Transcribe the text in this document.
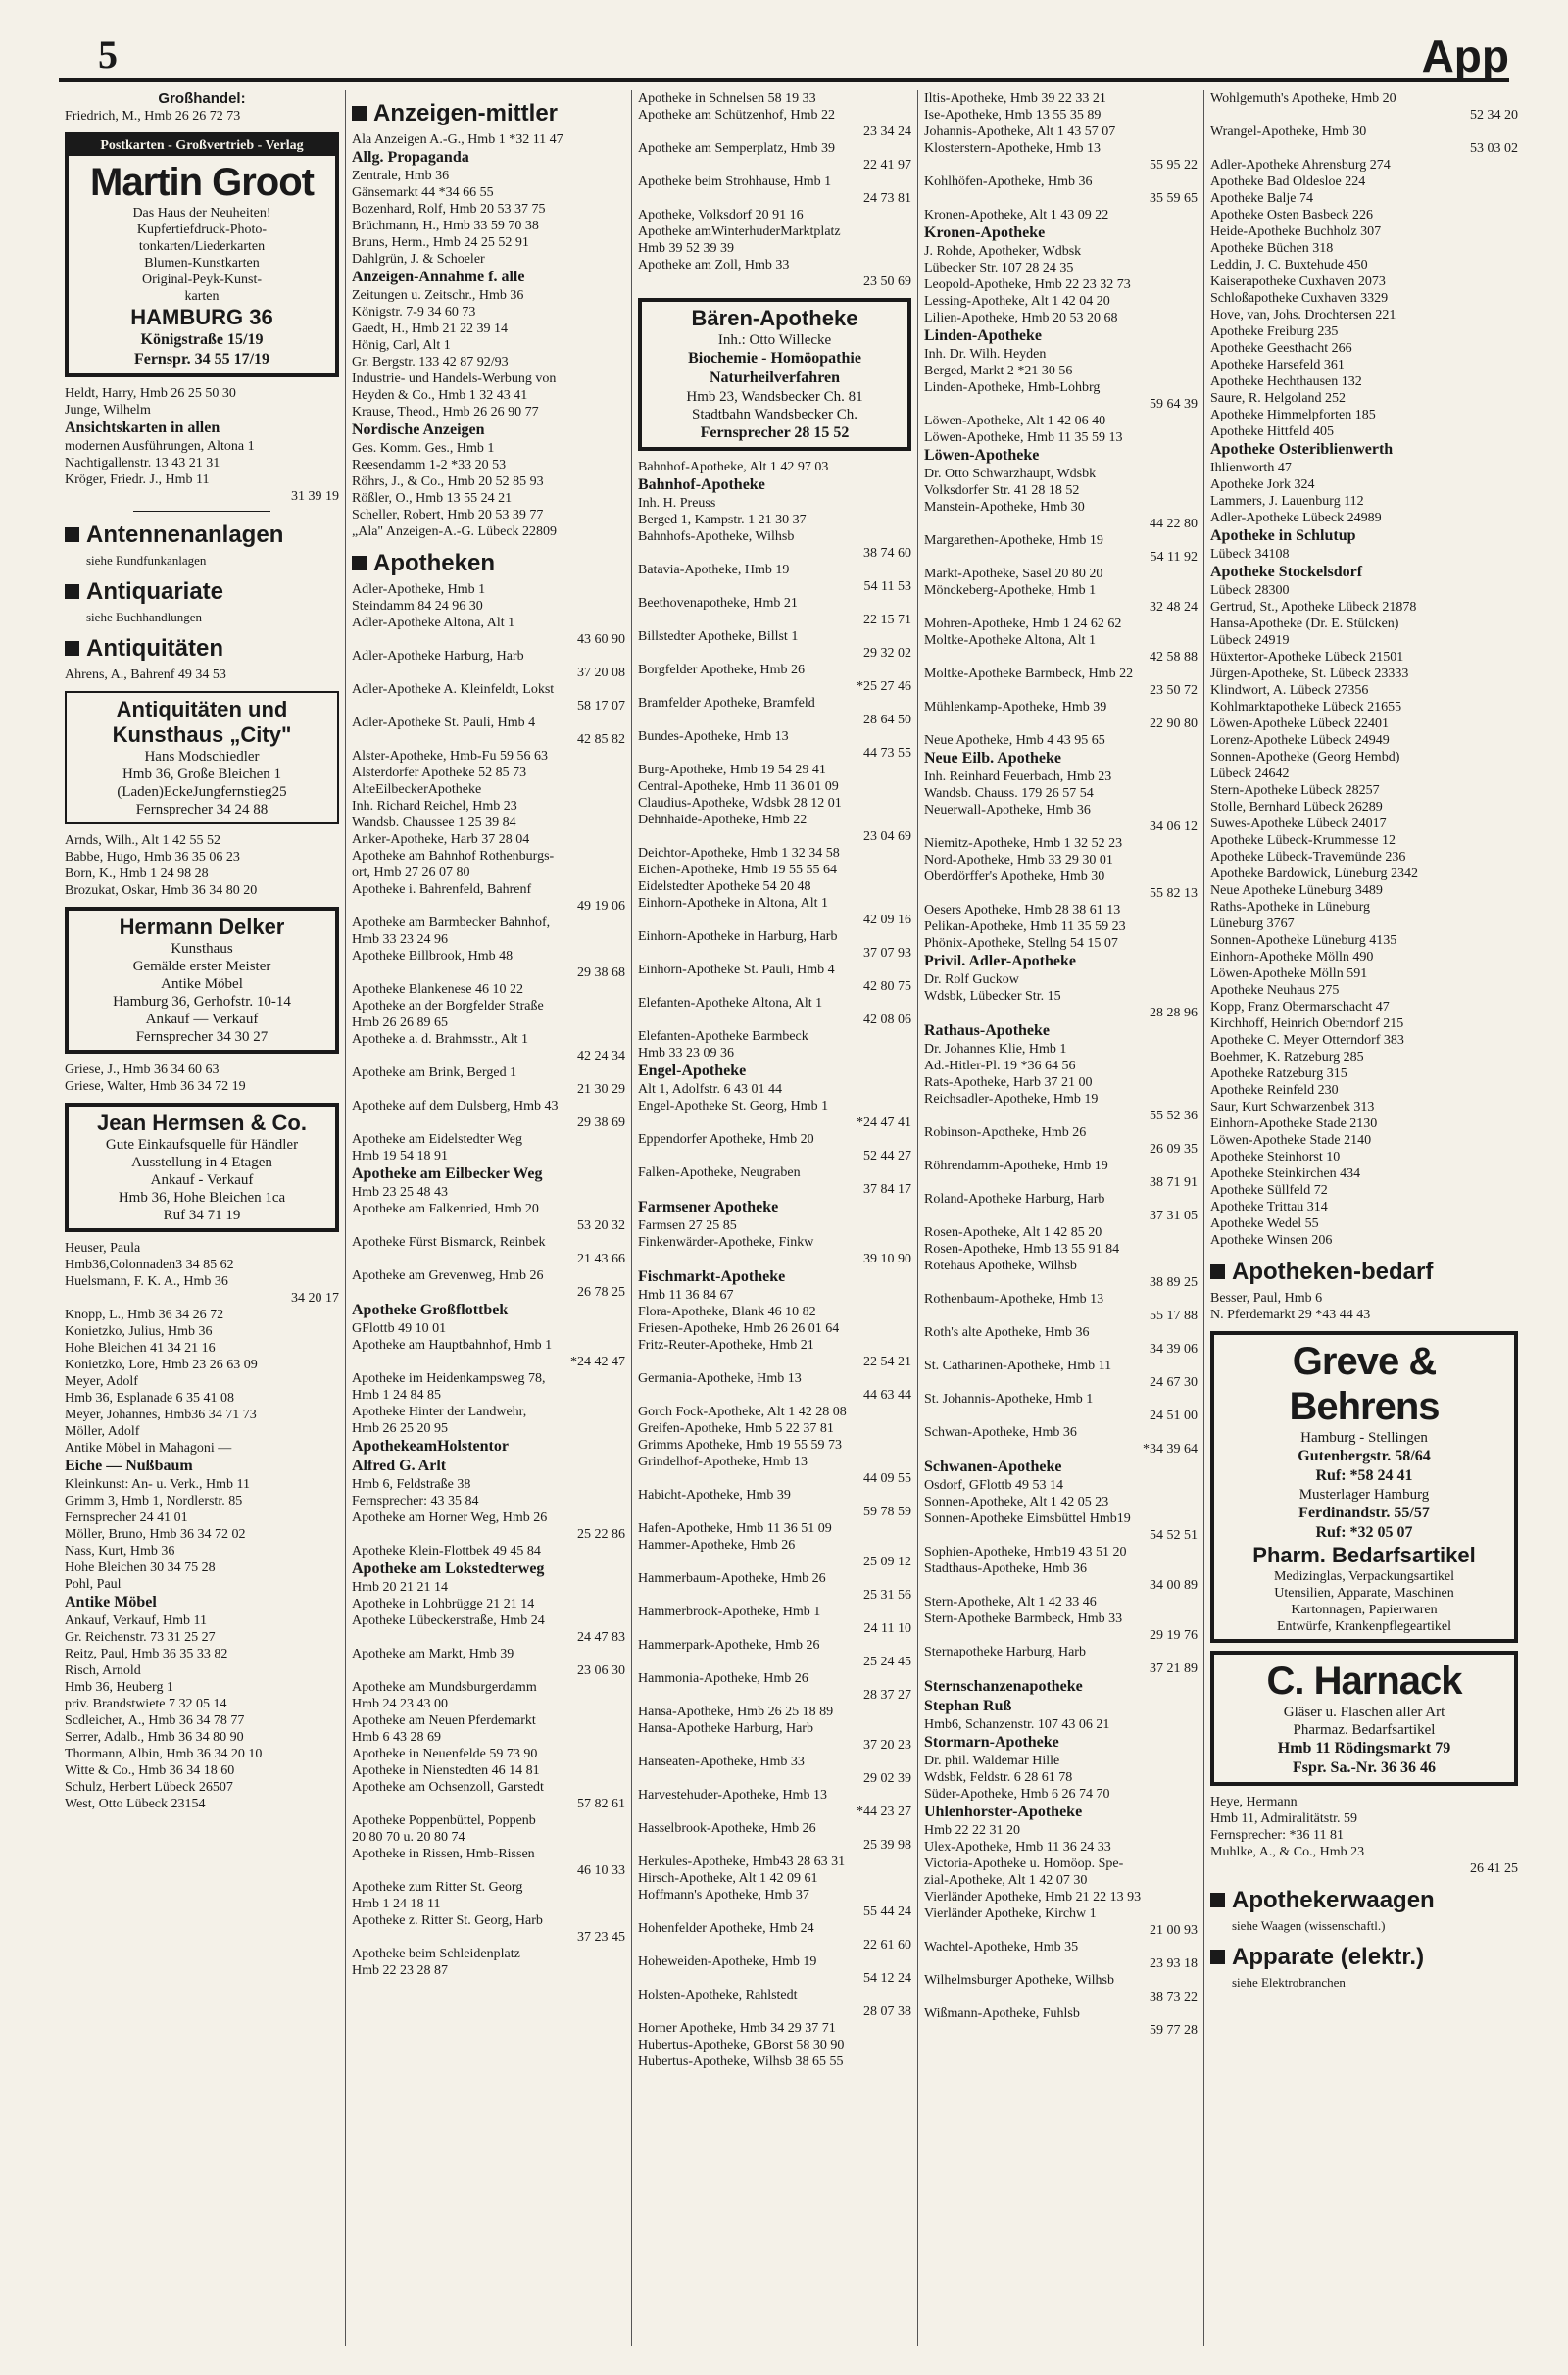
5	App
Großhandel:
Friedrich, M., Hmb 26 26 72 73
Postkarten - Großvertrieb - Verlag
Martin Groot
Das Haus der Neuheiten!
Kupfertiefdruck-Photo-
tonkarten/Liederkarten
Blumen-Kunstkarten
Original-Peyk-Kunst-
karten
HAMBURG 36
Königstraße 15/19
Fernspr. 34 55 17/19
Heldt, Harry, Hmb 26 25 50 30
Junge, Wilhelm
Ansichtskarten in allen
modernen Ausführungen, Altona 1
Nachtigallenstr. 13 43 21 31
Kröger, Friedr. J., Hmb 11
31 39 19
Antennenanlagen
siehe Rundfunkanlagen
Antiquariate
siehe Buchhandlungen
Antiquitäten
Ahrens, A., Bahrenf 49 34 53
Antiquitäten und
Kunsthaus „City"
Hans Modschiedler
Hmb 36, Große Bleichen 1
(Laden)EckeJungfernstieg25
Fernsprecher 34 24 88
Arnds, Wilh., Alt 1 42 55 52
Babbe, Hugo, Hmb 36 35 06 23
Born, K., Hmb 1 24 98 28
Brozukat, Oskar, Hmb 36 34 80 20
Hermann Delker
Kunsthaus
Gemälde erster Meister
Antike Möbel
Hamburg 36, Gerhofstr. 10-14
Ankauf — Verkauf
Fernsprecher 34 30 27
Griese, J., Hmb 36 34 60 63
Griese, Walter, Hmb 36 34 72 19
Jean Hermsen & Co.
Gute Einkaufsquelle für Händler
Ausstellung in 4 Etagen
Ankauf - Verkauf
Hmb 36, Hohe Bleichen 1ca
Ruf 34 71 19
Heuser, Paula
Hmb36,Colonnaden3 34 85 62
Huelsmann, F. K. A., Hmb 36
34 20 17
Knopp, L., Hmb 36 34 26 72
Konietzko, Julius, Hmb 36
Hohe Bleichen 41 34 21 16
Konietzko, Lore, Hmb 23 26 63 09
Meyer, Adolf
Hmb 36, Esplanade 6 35 41 08
Meyer, Johannes, Hmb36 34 71 73
Möller, Adolf
Antike Möbel in Mahagoni —
Eiche — Nußbaum
Kleinkunst: An- u. Verk., Hmb 11
Grimm 3, Hmb 1, Nordlerstr. 85
Fernsprecher 24 41 01
Möller, Bruno, Hmb 36 34 72 02
Nass, Kurt, Hmb 36
Hohe Bleichen 30 34 75 28
Pohl, Paul
Antike Möbel
Ankauf, Verkauf, Hmb 11
Gr. Reichenstr. 73 31 25 27
Reitz, Paul, Hmb 36 35 33 82
Risch, Arnold
Hmb 36, Heuberg 1
priv. Brandstwiete 7 32 05 14
Scdleicher, A., Hmb 36 34 78 77
Serrer, Adalb., Hmb 36 34 80 90
Thormann, Albin, Hmb 36 34 20 10
Witte & Co., Hmb 36 34 18 60
Schulz, Herbert Lübeck 26507
West, Otto Lübeck 23154
Anzeigen-mittler
Ala Anzeigen A.-G., Hmb 1 *32 11 47
Allg. Propaganda
Zentrale, Hmb 36
Gänsemarkt 44 *34 66 55
Bozenhard, Rolf, Hmb 20 53 37 75
Brüchmann, H., Hmb 33 59 70 38
Bruns, Herm., Hmb 24 25 52 91
Dahlgrün, J. & Schoeler
Anzeigen-Annahme f. alle
Zeitungen u. Zeitschr., Hmb 36
Königstr. 7-9 34 60 73
Gaedt, H., Hmb 21 22 39 14
Hönig, Carl, Alt 1
Gr. Bergstr. 133 42 87 92/93
Industrie- und Handels-Werbung von
Heyden & Co., Hmb 1 32 43 41
Krause, Theod., Hmb 26 26 90 77
Nordische Anzeigen
Ges. Komm. Ges., Hmb 1
Reesendamm 1-2 *33 20 53
Röhrs, J., & Co., Hmb 20 52 85 93
Rößler, O., Hmb 13 55 24 21
Scheller, Robert, Hmb 20 53 39 77
„Ala" Anzeigen-A.-G. Lübeck 22809
Apotheken
Adler-Apotheke, Hmb 1
Steindamm 84 24 96 30
Adler-Apotheke Altona, Alt 1
43 60 90
Adler-Apotheke Harburg, Harb
37 20 08
Adler-Apotheke A. Kleinfeldt, Lokst
58 17 07
Adler-Apotheke St. Pauli, Hmb 4
42 85 82
Alster-Apotheke, Hmb-Fu 59 56 63
Alsterdorfer Apotheke 52 85 73
AlteEilbeckerApotheke
Inh. Richard Reichel, Hmb 23
Wandsb. Chaussee 1 25 39 84
Anker-Apotheke, Harb 37 28 04
Apotheke am Bahnhof Rothenburgs-
ort, Hmb 27 26 07 80
Apotheke i. Bahrenfeld, Bahrenf
49 19 06
Apotheke am Barmbecker Bahnhof,
Hmb 33 23 24 96
Apotheke Billbrook, Hmb 48
29 38 68
Apotheke Blankenese 46 10 22
Apotheke an der Borgfelder Straße
Hmb 26 26 89 65
Apotheke a. d. Brahmsstr., Alt 1
42 24 34
Apotheke am Brink, Berged 1
21 30 29
Apotheke auf dem Dulsberg, Hmb 43
29 38 69
Apotheke am Eidelstedter Weg
Hmb 19 54 18 91
Apotheke am Eilbecker Weg
Hmb 23 25 48 43
Apotheke am Falkenried, Hmb 20
53 20 32
Apotheke Fürst Bismarck, Reinbek
21 43 66
Apotheke am Grevenweg, Hmb 26
26 78 25
Apotheke Großflottbek
GFlottb 49 10 01
Apotheke am Hauptbahnhof, Hmb 1
*24 42 47
Apotheke im Heidenkampsweg 78,
Hmb 1 24 84 85
Apotheke Hinter der Landwehr,
Hmb 26 25 20 95
ApothekeamHolstentor
Alfred G. Arlt
Hmb 6, Feldstraße 38
Fernsprecher: 43 35 84
Apotheke am Horner Weg, Hmb 26
25 22 86
Apotheke Klein-Flottbek 49 45 84
Apotheke am Lokstedterweg
Hmb 20 21 21 14
Apotheke in Lohbrügge 21 21 14
Apotheke Lübeckerstraße, Hmb 24
24 47 83
Apotheke am Markt, Hmb 39
23 06 30
Apotheke am Mundsburgerdamm
Hmb 24 23 43 00
Apotheke am Neuen Pferdemarkt
Hmb 6 43 28 69
Apotheke in Neuenfelde 59 73 90
Apotheke in Nienstedten 46 14 81
Apotheke am Ochsenzoll, Garstedt
57 82 61
Apotheke Poppenbüttel, Poppenb
20 80 70 u. 20 80 74
Apotheke in Rissen, Hmb-Rissen
46 10 33
Apotheke zum Ritter St. Georg
Hmb 1 24 18 11
Apotheke z. Ritter St. Georg, Harb
37 23 45
Apotheke beim Schleidenplatz
Hmb 22 23 28 87
Apotheke in Schnelsen 58 19 33
Apotheke am Schützenhof, Hmb 22
23 34 24
Apotheke am Semperplatz, Hmb 39
22 41 97
Apotheke beim Strohhause, Hmb 1
24 73 81
Apotheke, Volksdorf 20 91 16
Apotheke amWinterhuderMarktplatz
Hmb 39 52 39 39
Apotheke am Zoll, Hmb 33
23 50 69
Bären-Apotheke
Inh.: Otto Willecke
Biochemie - Homöopathie
Naturheilverfahren
Hmb 23, Wandsbecker Ch. 81
Stadtbahn Wandsbecker Ch.
Fernsprecher 28 15 52
Bahnhof-Apotheke, Alt 1 42 97 03
Bahnhof-Apotheke
Inh. H. Preuss
Berged 1, Kampstr. 1 21 30 37
Bahnhofs-Apotheke, Wilhsb
38 74 60
Batavia-Apotheke, Hmb 19
54 11 53
Beethovenapotheke, Hmb 21
22 15 71
Billstedter Apotheke, Billst 1
29 32 02
Borgfelder Apotheke, Hmb 26
*25 27 46
Bramfelder Apotheke, Bramfeld
28 64 50
Bundes-Apotheke, Hmb 13
44 73 55
Burg-Apotheke, Hmb 19 54 29 41
Central-Apotheke, Hmb 11 36 01 09
Claudius-Apotheke, Wdsbk 28 12 01
Dehnhaide-Apotheke, Hmb 22
23 04 69
Deichtor-Apotheke, Hmb 1 32 34 58
Eichen-Apotheke, Hmb 19 55 55 64
Eidelstedter Apotheke 54 20 48
Einhorn-Apotheke in Altona, Alt 1
42 09 16
Einhorn-Apotheke in Harburg, Harb
37 07 93
Einhorn-Apotheke St. Pauli, Hmb 4
42 80 75
Elefanten-Apotheke Altona, Alt 1
42 08 06
Elefanten-Apotheke Barmbeck
Hmb 33 23 09 36
Engel-Apotheke
Alt 1, Adolfstr. 6 43 01 44
Engel-Apotheke St. Georg, Hmb 1
*24 47 41
Eppendorfer Apotheke, Hmb 20
52 44 27
Falken-Apotheke, Neugraben
37 84 17
Farmsener Apotheke
Farmsen 27 25 85
Finkenwärder-Apotheke, Finkw
39 10 90
Fischmarkt-Apotheke
Hmb 11 36 84 67
Flora-Apotheke, Blank 46 10 82
Friesen-Apotheke, Hmb 26 26 01 64
Fritz-Reuter-Apotheke, Hmb 21
22 54 21
Germania-Apotheke, Hmb 13
44 63 44
Gorch Fock-Apotheke, Alt 1 42 28 08
Greifen-Apotheke, Hmb 5 22 37 81
Grimms Apotheke, Hmb 19 55 59 73
Grindelhof-Apotheke, Hmb 13
44 09 55
Habicht-Apotheke, Hmb 39
59 78 59
Hafen-Apotheke, Hmb 11 36 51 09
Hammer-Apotheke, Hmb 26
25 09 12
Hammerbaum-Apotheke, Hmb 26
25 31 56
Hammerbrook-Apotheke, Hmb 1
24 11 10
Hammerpark-Apotheke, Hmb 26
25 24 45
Hammonia-Apotheke, Hmb 26
28 37 27
Hansa-Apotheke, Hmb 26 25 18 89
Hansa-Apotheke Harburg, Harb
37 20 23
Hanseaten-Apotheke, Hmb 33
29 02 39
Harvestehuder-Apotheke, Hmb 13
*44 23 27
Hasselbrook-Apotheke, Hmb 26
25 39 98
Herkules-Apotheke, Hmb43 28 63 31
Hirsch-Apotheke, Alt 1 42 09 61
Hoffmann's Apotheke, Hmb 37
55 44 24
Hohenfelder Apotheke, Hmb 24
22 61 60
Hoheweiden-Apotheke, Hmb 19
54 12 24
Holsten-Apotheke, Rahlstedt
28 07 38
Horner Apotheke, Hmb 34 29 37 71
Hubertus-Apotheke, GBorst 58 30 90
Hubertus-Apotheke, Wilhsb 38 65 55
Iltis-Apotheke, Hmb 39 22 33 21
Ise-Apotheke, Hmb 13 55 35 89
Johannis-Apotheke, Alt 1 43 57 07
Klosterstern-Apotheke, Hmb 13
55 95 22
Kohlhöfen-Apotheke, Hmb 36
35 59 65
Kronen-Apotheke, Alt 1 43 09 22
Kronen-Apotheke
J. Rohde, Apotheker, Wdbsk
Lübecker Str. 107 28 24 35
Leopold-Apotheke, Hmb 22 23 32 73
Lessing-Apotheke, Alt 1 42 04 20
Lilien-Apotheke, Hmb 20 53 20 68
Linden-Apotheke
Inh. Dr. Wilh. Heyden
Berged, Markt 2 *21 30 56
Linden-Apotheke, Hmb-Lohbrg
59 64 39
Löwen-Apotheke, Alt 1 42 06 40
Löwen-Apotheke, Hmb 11 35 59 13
Löwen-Apotheke
Dr. Otto Schwarzhaupt, Wdsbk
Volksdorfer Str. 41 28 18 52
Manstein-Apotheke, Hmb 30
44 22 80
Margarethen-Apotheke, Hmb 19
54 11 92
Markt-Apotheke, Sasel 20 80 20
Mönckeberg-Apotheke, Hmb 1
32 48 24
Mohren-Apotheke, Hmb 1 24 62 62
Moltke-Apotheke Altona, Alt 1
42 58 88
Moltke-Apotheke Barmbeck, Hmb 22
23 50 72
Mühlenkamp-Apotheke, Hmb 39
22 90 80
Neue Apotheke, Hmb 4 43 95 65
Neue Eilb. Apotheke
Inh. Reinhard Feuerbach, Hmb 23
Wandsb. Chauss. 179 26 57 54
Neuerwall-Apotheke, Hmb 36
34 06 12
Niemitz-Apotheke, Hmb 1 32 52 23
Nord-Apotheke, Hmb 33 29 30 01
Oberdörffer's Apotheke, Hmb 30
55 82 13
Oesers Apotheke, Hmb 28 38 61 13
Pelikan-Apotheke, Hmb 11 35 59 23
Phönix-Apotheke, Stellng 54 15 07
Privil. Adler-Apotheke
Dr. Rolf Guckow
Wdsbk, Lübecker Str. 15
28 28 96
Rathaus-Apotheke
Dr. Johannes Klie, Hmb 1
Ad.-Hitler-Pl. 19 *36 64 56
Rats-Apotheke, Harb 37 21 00
Reichsadler-Apotheke, Hmb 19
55 52 36
Robinson-Apotheke, Hmb 26
26 09 35
Röhrendamm-Apotheke, Hmb 19
38 71 91
Roland-Apotheke Harburg, Harb
37 31 05
Rosen-Apotheke, Alt 1 42 85 20
Rosen-Apotheke, Hmb 13 55 91 84
Rotehaus Apotheke, Wilhsb
38 89 25
Rothenbaum-Apotheke, Hmb 13
55 17 88
Roth's alte Apotheke, Hmb 36
34 39 06
St. Catharinen-Apotheke, Hmb 11
24 67 30
St. Johannis-Apotheke, Hmb 1
24 51 00
Schwan-Apotheke, Hmb 36
*34 39 64
Schwanen-Apotheke
Osdorf, GFlottb 49 53 14
Sonnen-Apotheke, Alt 1 42 05 23
Sonnen-Apotheke Eimsbüttel Hmb19
54 52 51
Sophien-Apotheke, Hmb19 43 51 20
Stadthaus-Apotheke, Hmb 36
34 00 89
Stern-Apotheke, Alt 1 42 33 46
Stern-Apotheke Barmbeck, Hmb 33
29 19 76
Sternapotheke Harburg, Harb
37 21 89
Sternschanzenapotheke
Stephan Ruß
Hmb6, Schanzenstr. 107 43 06 21
Stormarn-Apotheke
Dr. phil. Waldemar Hille
Wdsbk, Feldstr. 6 28 61 78
Süder-Apotheke, Hmb 6 26 74 70
Uhlenhorster-Apotheke
Hmb 22 22 31 20
Ulex-Apotheke, Hmb 11 36 24 33
Victoria-Apotheke u. Homöop. Spe-
zial-Apotheke, Alt 1 42 07 30
Vierländer Apotheke, Hmb 21 22 13 93
Vierländer Apotheke, Kirchw 1
21 00 93
Wachtel-Apotheke, Hmb 35
23 93 18
Wilhelmsburger Apotheke, Wilhsb
38 73 22
Wißmann-Apotheke, Fuhlsb
59 77 28
Wohlgemuth's Apotheke, Hmb 20
52 34 20
Wrangel-Apotheke, Hmb 30
53 03 02
Adler-Apotheke Ahrensburg 274
Apotheke Bad Oldesloe 224
Apotheke Balje 74
Apotheke Osten Basbeck 226
Heide-Apotheke Buchholz 307
Apotheke Büchen 318
Leddin, J. C. Buxtehude 450
Kaiserapotheke Cuxhaven 2073
Schloßapotheke Cuxhaven 3329
Hove, van, Johs. Drochtersen 221
Apotheke Freiburg 235
Apotheke Geesthacht 266
Apotheke Harsefeld 361
Apotheke Hechthausen 132
Saure, R. Helgoland 252
Apotheke Himmelpforten 185
Apotheke Hittfeld 405
Apotheke Osteriblienwerth
Ihlienworth 47
Apotheke Jork 324
Lammers, J. Lauenburg 112
Adler-Apotheke Lübeck 24989
Apotheke in Schlutup
Lübeck 34108
Apotheke Stockelsdorf
Lübeck 28300
Gertrud, St., Apotheke Lübeck 21878
Hansa-Apotheke (Dr. E. Stülcken)
Lübeck 24919
Hüxtertor-Apotheke Lübeck 21501
Jürgen-Apotheke, St. Lübeck 23333
Klindwort, A. Lübeck 27356
Kohlmarktapotheke Lübeck 21655
Löwen-Apotheke Lübeck 22401
Lorenz-Apotheke Lübeck 24949
Sonnen-Apotheke (Georg Hembd)
Lübeck 24642
Stern-Apotheke Lübeck 28257
Stolle, Bernhard Lübeck 26289
Suwes-Apotheke Lübeck 24017
Apotheke Lübeck-Krummesse 12
Apotheke Lübeck-Travemünde 236
Apotheke Bardowick, Lüneburg 2342
Neue Apotheke Lüneburg 3489
Raths-Apotheke in Lüneburg
Lüneburg 3767
Sonnen-Apotheke Lüneburg 4135
Einhorn-Apotheke Mölln 490
Löwen-Apotheke Mölln 591
Apotheke Neuhaus 275
Kopp, Franz Obermarschacht 47
Kirchhoff, Heinrich Oberndorf 215
Apotheke C. Meyer Otterndorf 383
Boehmer, K. Ratzeburg 285
Apotheke Ratzeburg 315
Apotheke Reinfeld 230
Saur, Kurt Schwarzenbek 313
Einhorn-Apotheke Stade 2130
Löwen-Apotheke Stade 2140
Apotheke Steinhorst 10
Apotheke Steinkirchen 434
Apotheke Süllfeld 72
Apotheke Trittau 314
Apotheke Wedel 55
Apotheke Winsen 206
Apotheken-bedarf
Besser, Paul, Hmb 6
N. Pferdemarkt 29 *43 44 43
Greve & Behrens
Hamburg - Stellingen
Gutenbergstr. 58/64
Ruf: *58 24 41
Musterlager Hamburg
Ferdinandstr. 55/57
Ruf: *32 05 07
Pharm. Bedarfsartikel
Medizinglas, Verpackungsartikel
Utensilien, Apparate, Maschinen
Kartonnagen, Papierwaren
Entwürfe, Krankenpflegeartikel
C. Harnack
Gläser u. Flaschen aller Art
Pharmaz. Bedarfsartikel
Hmb 11 Rödingsmarkt 79
Fspr. Sa.-Nr. 36 36 46
Heye, Hermann
Hmb 11, Admiralitätstr. 59
Fernsprecher: *36 11 81
Muhlke, A., & Co., Hmb 23
26 41 25
Apothekerwaagen
siehe Waagen (wissenschaftl.)
Apparate (elektr.)
siehe Elektrobranchen
